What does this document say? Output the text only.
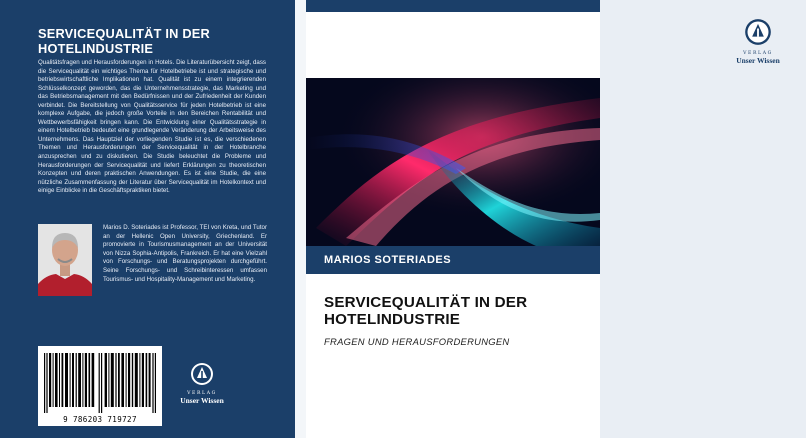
SERVICEQUALITÄT IN DER
HOTELINDUSTRIE
Qualitätsfragen und Herausforderungen in Hotels. Die Literaturübersicht zeigt, dass die Servicequalität ein wichtiges Thema für Hotelbetriebe ist und strategische und betriebswirtschaftliche Implikationen hat. Qualität ist zu einem integrierenden Schlüsselkonzept geworden, das die Unternehmensstrategie, das Marketing und das Betriebsmanagement mit den Bedürfnissen und der Zufriedenheit der Kunden verbindet. Die Bereitstellung von Qualitätsservice für jeden Hotelbetrieb ist eine komplexe Aufgabe, die jedoch große Vorteile in den Bereichen Rentabilität und Wettbewerbsfähigkeit bringen kann. Die Entwicklung einer Qualitätsstrategie in einem Hotelbetrieb bedeutet eine grundlegende Veränderung der Arbeitsweise des Unternehmens. Das Hauptziel der vorliegenden Studie ist es, die verschiedenen Themen und Herausforderungen der Servicequalität in der Hotelbranche anzusprechen und zu diskutieren. Die Studie beleuchtet die Probleme und Herausforderungen der Servicequalität und liefert Erklärungen zu theoretischen Konzepten und deren praktischen Anwendungen. Es ist eine Studie, die eine nützliche Zusammenfassung der Literatur über Servicequalität im Hotelkontext und einige Einblicke in die Geschäftspraktiken bietet.
Marios D. Soteriades ist Professor, TEI von Kreta, und Tutor an der Hellenic Open University, Griechenland. Er promovierte in Tourismusmanagement an der Universität von Nizza Sophia-Antipolis, Frankreich. Er hat eine Vielzahl von Forschungs- und Beratungsprojekten durchgeführt. Seine Forschungs- und Schreibinteressen umfassen Tourismus- und Hospitality-Management und Marketing.
9 786203 719727
VERLAG
Unser Wissen
VERLAG
Unser Wissen
MARIOS SOTERIADES
SERVICEQUALITÄT IN DER
HOTELINDUSTRIE
FRAGEN UND HERAUSFORDERUNGEN
